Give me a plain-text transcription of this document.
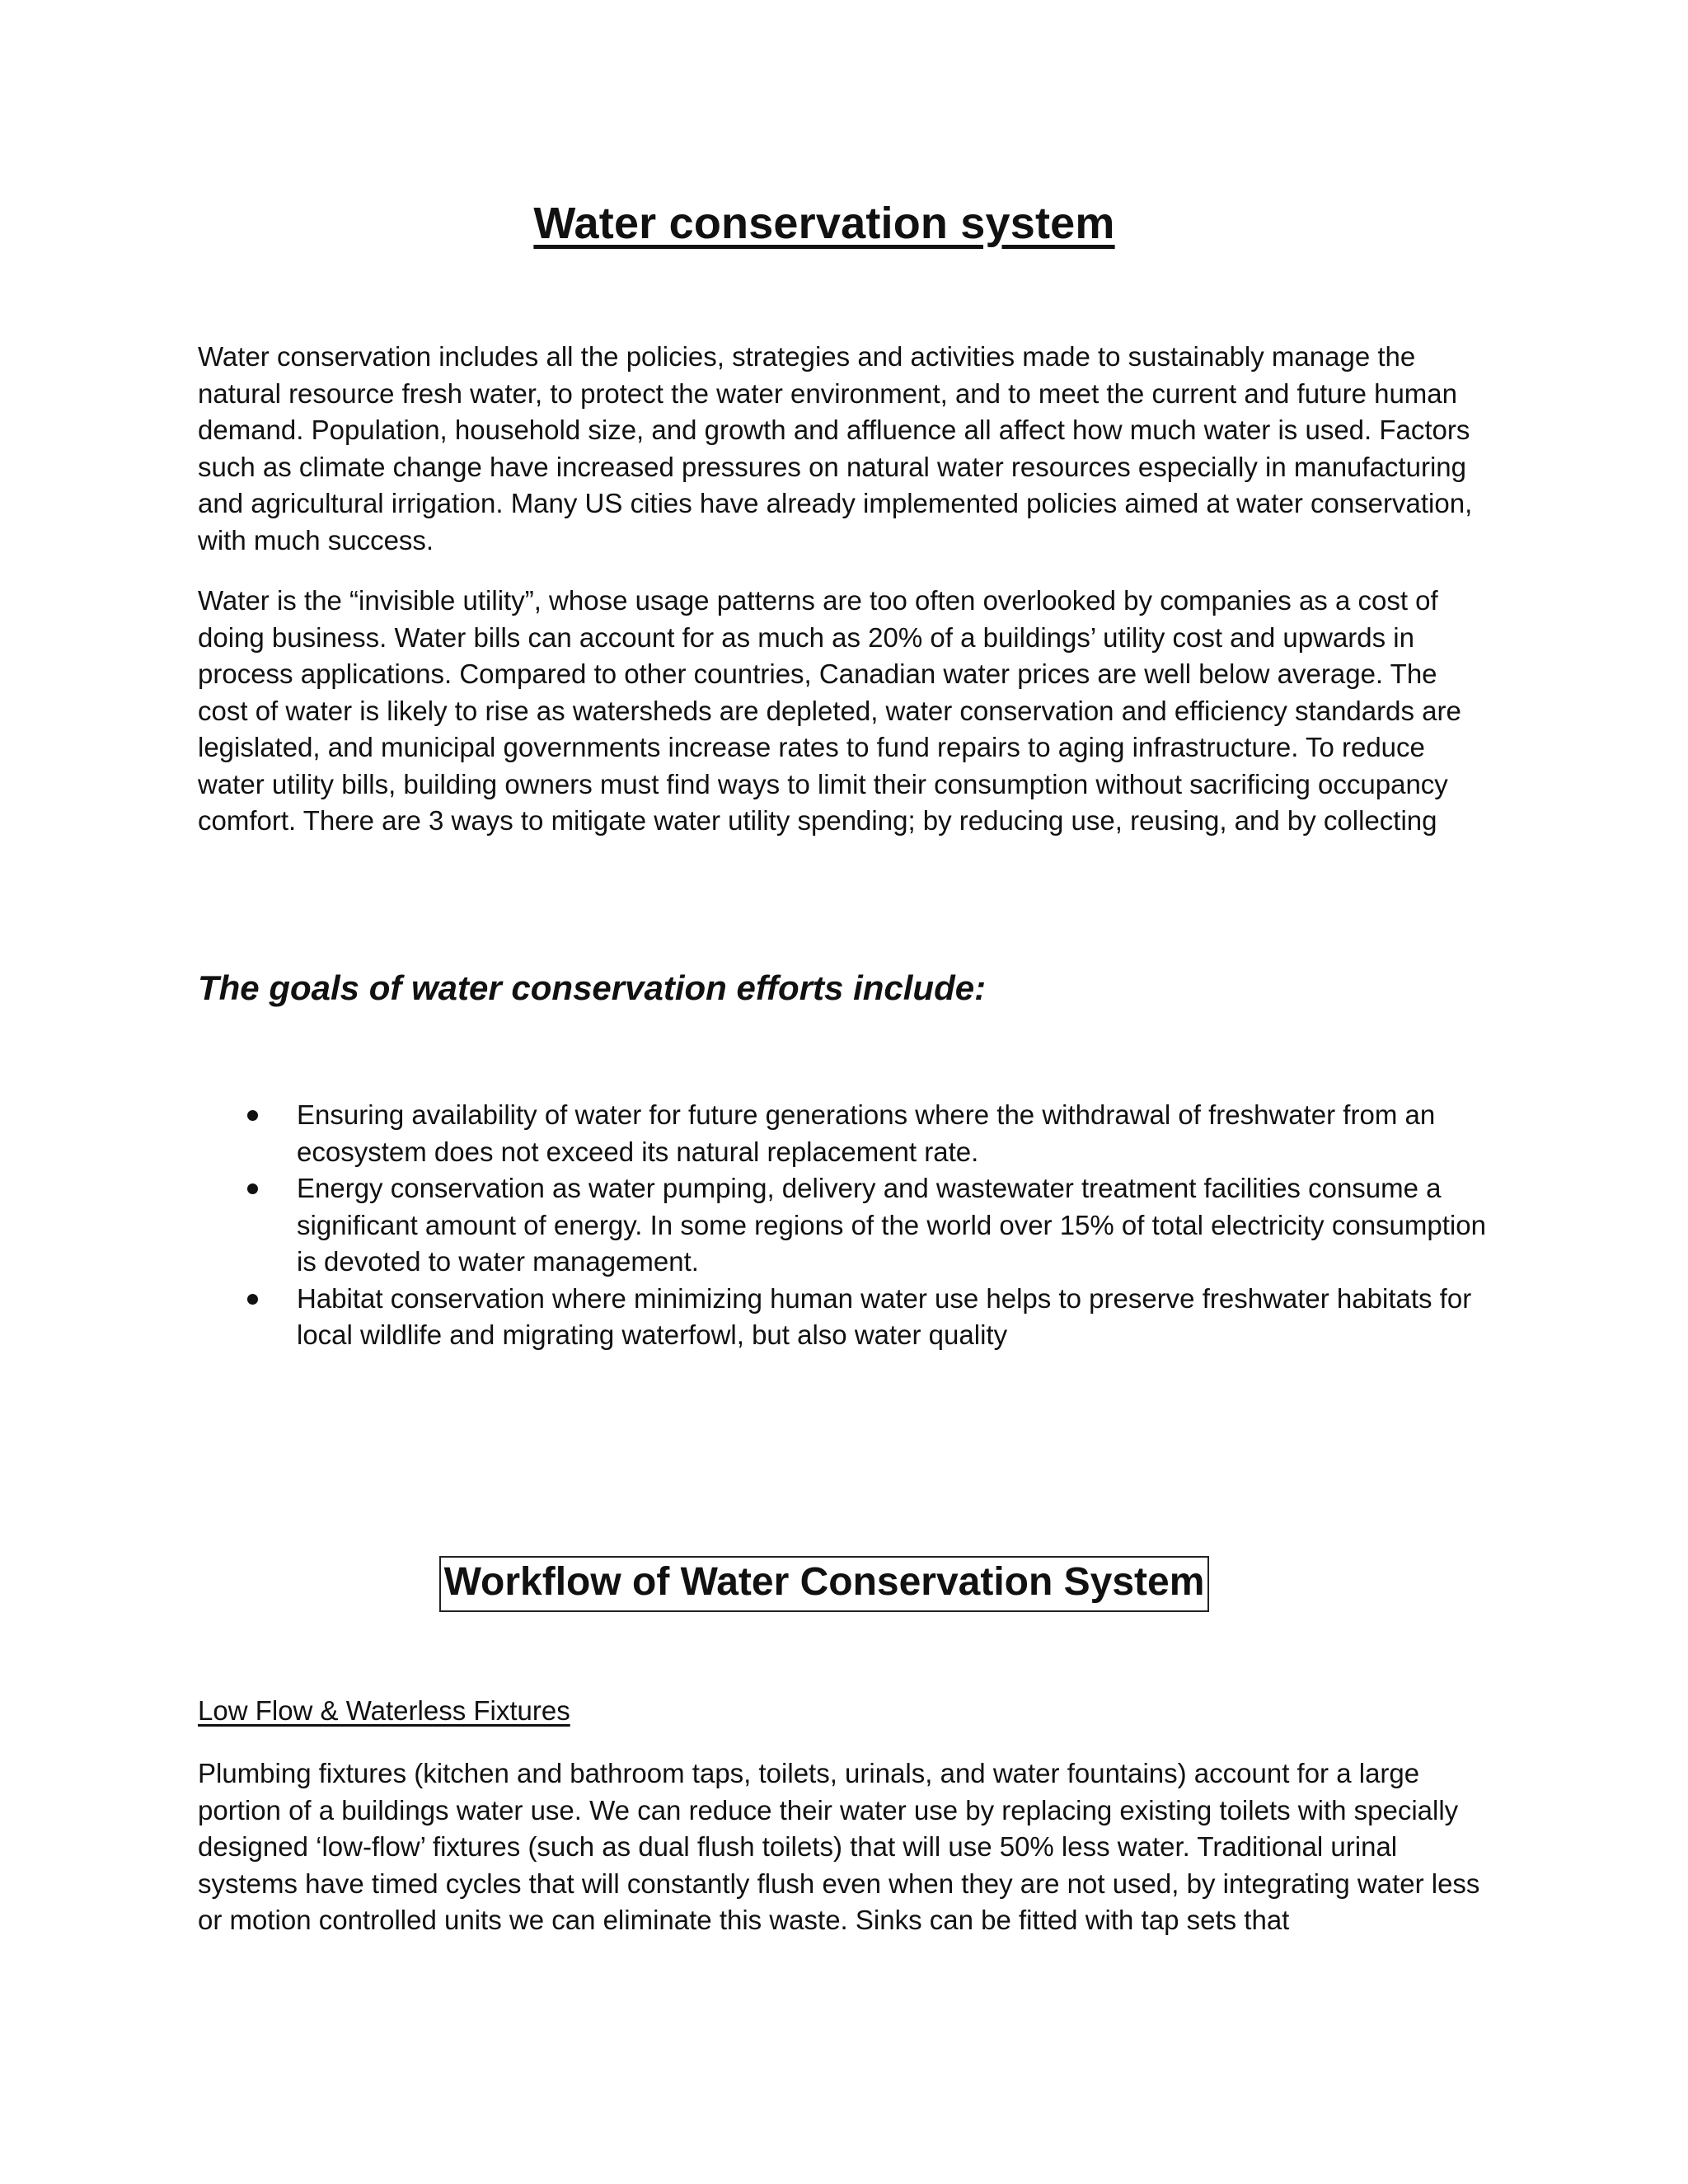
Water conservation system

Water conservation includes all the policies, strategies and activities made to sustainably manage the natural resource fresh water, to protect the water environment, and to meet the current and future human demand. Population, household size, and growth and affluence all affect how much water is used. Factors such as climate change have increased pressures on natural water resources especially in manufacturing and agricultural irrigation. Many US cities have already implemented policies aimed at water conservation, with much success.

Water is the “invisible utility”, whose usage patterns are too often overlooked by companies as a cost of doing business. Water bills can account for as much as 20% of a buildings’ utility cost and upwards in process applications. Compared to other countries, Canadian water prices are well below average. The cost of water is likely to rise as watersheds are depleted, water conservation and efficiency standards are legislated, and municipal governments increase rates to fund repairs to aging infrastructure. To reduce water utility bills, building owners must find ways to limit their consumption without sacrificing occupancy comfort. There are 3 ways to mitigate water utility spending; by reducing use, reusing, and by collecting

The goals of water conservation efforts include:
Ensuring availability of water for future generations where the withdrawal of freshwater from an ecosystem does not exceed its natural replacement rate.
Energy conservation as water pumping, delivery and wastewater treatment facilities consume a significant amount of energy. In some regions of the world over 15% of total electricity consumption is devoted to water management.
Habitat conservation where minimizing human water use helps to preserve freshwater habitats for local wildlife and migrating waterfowl, but also water quality
Workflow of Water Conservation System
Low Flow & Waterless Fixtures

Plumbing fixtures (kitchen and bathroom taps, toilets, urinals, and water fountains) account for a large portion of a buildings water use. We can reduce their water use by replacing existing toilets with specially designed ‘low-flow’ fixtures (such as dual flush toilets) that will use 50% less water. Traditional urinal systems have timed cycles that will constantly flush even when they are not used, by integrating water less or motion controlled units we can eliminate this waste. Sinks can be fitted with tap sets that
